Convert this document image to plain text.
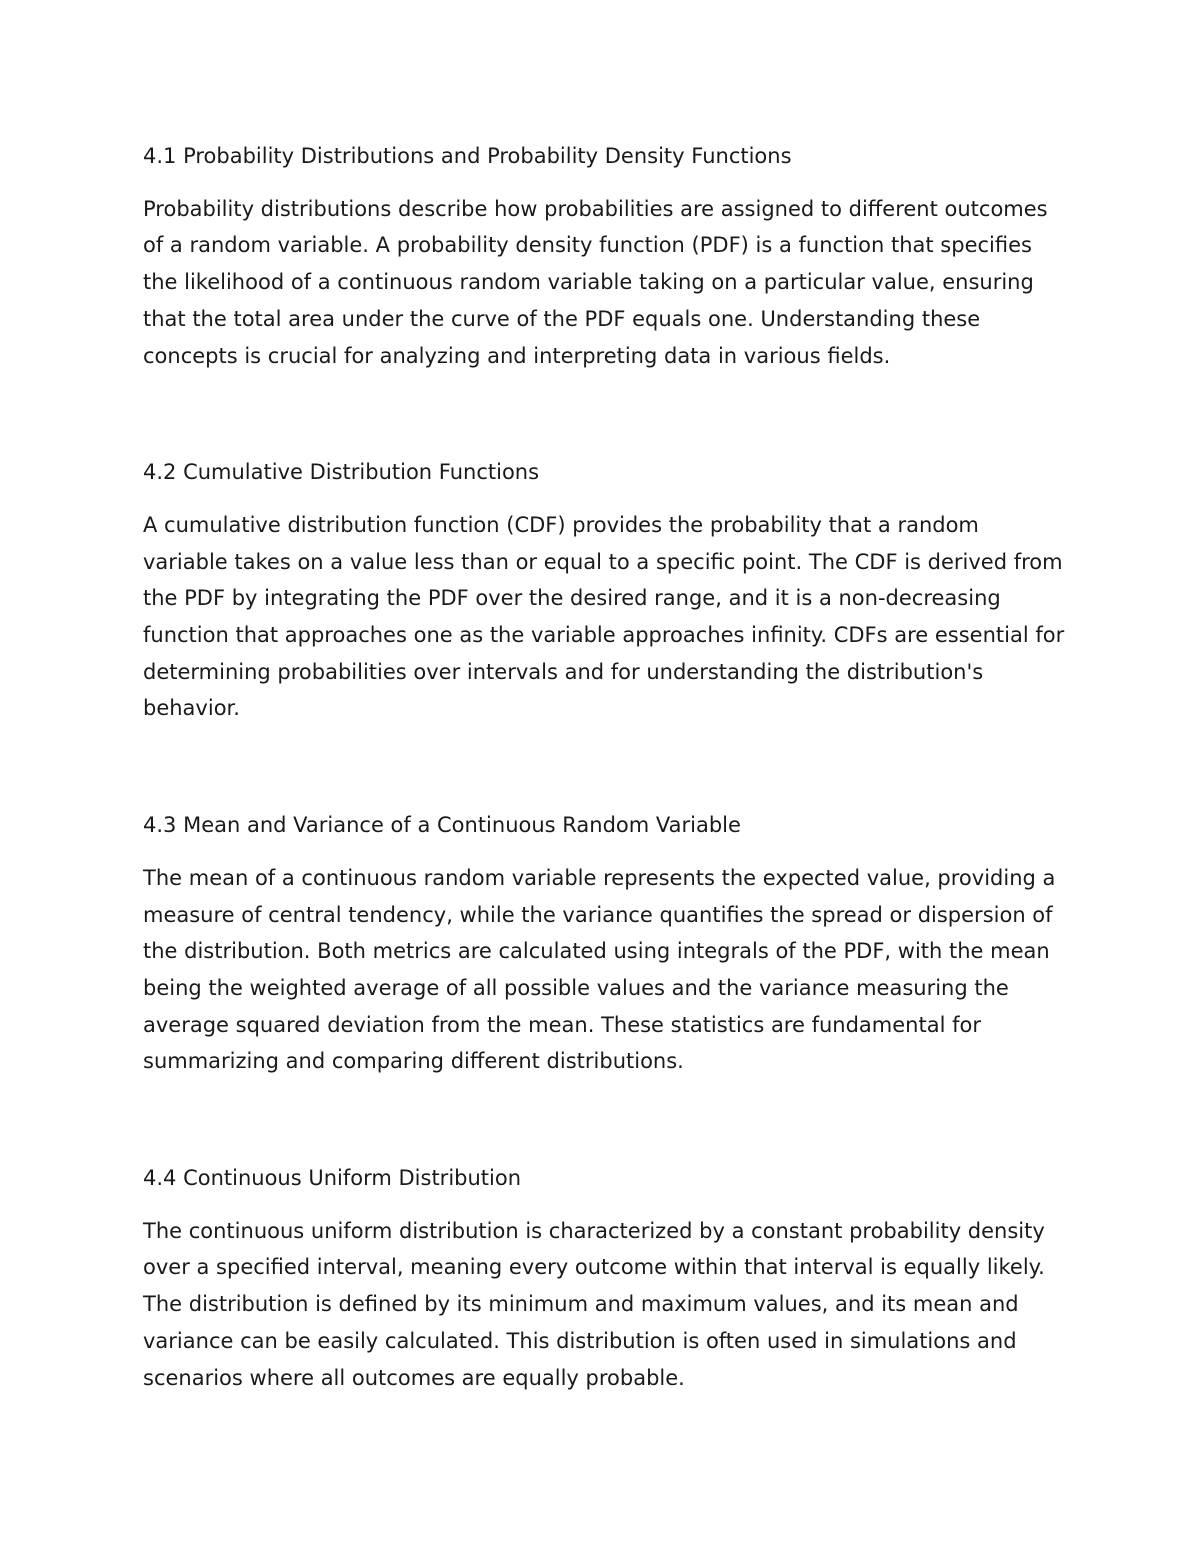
4.1 Probability Distributions and Probability Density Functions

Probability distributions describe how probabilities are assigned to different outcomes of a random variable. A probability density function (PDF) is a function that specifies the likelihood of a continuous random variable taking on a particular value, ensuring that the total area under the curve of the PDF equals one. Understanding these concepts is crucial for analyzing and interpreting data in various fields.

4.2 Cumulative Distribution Functions

A cumulative distribution function (CDF) provides the probability that a random variable takes on a value less than or equal to a specific point. The CDF is derived from the PDF by integrating the PDF over the desired range, and it is a non-decreasing function that approaches one as the variable approaches infinity. CDFs are essential for determining probabilities over intervals and for understanding the distribution's behavior.

4.3 Mean and Variance of a Continuous Random Variable

The mean of a continuous random variable represents the expected value, providing a measure of central tendency, while the variance quantifies the spread or dispersion of the distribution. Both metrics are calculated using integrals of the PDF, with the mean being the weighted average of all possible values and the variance measuring the average squared deviation from the mean. These statistics are fundamental for summarizing and comparing different distributions.

4.4 Continuous Uniform Distribution

The continuous uniform distribution is characterized by a constant probability density over a specified interval, meaning every outcome within that interval is equally likely. The distribution is defined by its minimum and maximum values, and its mean and variance can be easily calculated. This distribution is often used in simulations and scenarios where all outcomes are equally probable.
